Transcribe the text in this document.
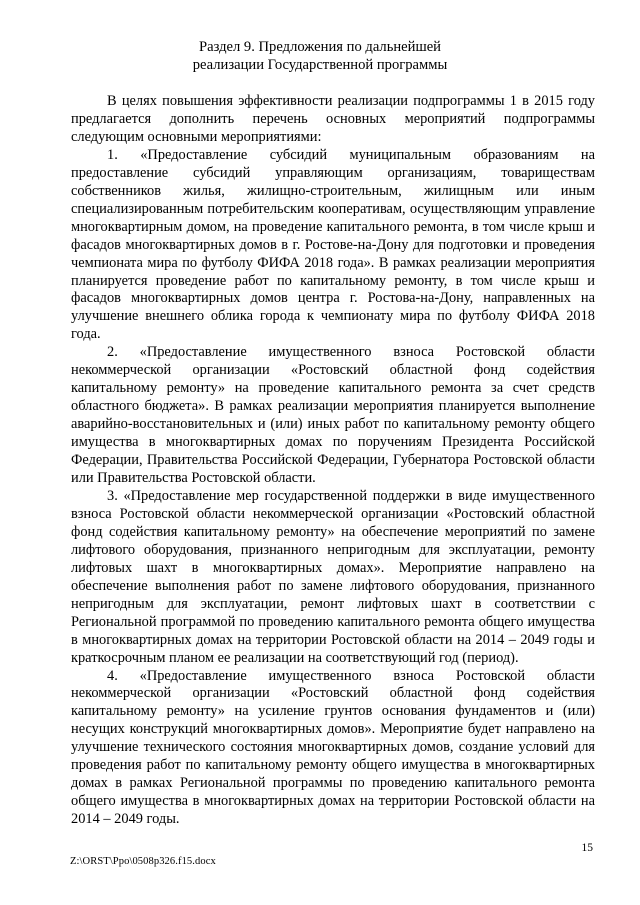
Раздел 9. Предложения по дальнейшей
реализации Государственной программы

В целях повышения эффективности реализации подпрограммы 1 в 2015 году предлагается дополнить перечень основных мероприятий подпрограммы следующим основными мероприятиями:

1. «Предоставление субсидий муниципальным образованиям на предоставление субсидий управляющим организациям, товариществам собственников жилья, жилищно-строительным, жилищным или иным специализированным потребительским кооперативам, осуществляющим управление многоквартирным домом, на проведение капитального ремонта, в том числе крыш и фасадов многоквартирных домов в г. Ростове-на-Дону для подготовки и проведения чемпионата мира по футболу ФИФА 2018 года». В рамках реализации мероприятия планируется проведение работ по капитальному ремонту, в том числе крыш и фасадов многоквартирных домов центра г. Ростова-на-Дону, направленных на улучшение внешнего облика города к чемпионату мира по футболу ФИФА 2018 года.

2. «Предоставление имущественного взноса Ростовской области некоммерческой организации «Ростовский областной фонд содействия капитальному ремонту» на проведение капитального ремонта за счет средств областного бюджета». В рамках реализации мероприятия планируется выполнение аварийно-восстановительных и (или) иных работ по капитальному ремонту общего имущества в многоквартирных домах по поручениям Президента Российской Федерации, Правительства Российской Федерации, Губернатора Ростовской области или Правительства Ростовской области.

3. «Предоставление мер государственной поддержки в виде имущественного взноса Ростовской области некоммерческой организации «Ростовский областной фонд содействия капитальному ремонту» на обеспечение мероприятий по замене лифтового оборудования, признанного непригодным для эксплуатации, ремонту лифтовых шахт в многоквартирных домах». Мероприятие направлено на обеспечение выполнения работ по замене лифтового оборудования, признанного непригодным для эксплуатации, ремонт лифтовых шахт в соответствии с Региональной программой по проведению капитального ремонта общего имущества в многоквартирных домах на территории Ростовской области на 2014 – 2049 годы и краткосрочным планом ее реализации на соответствующий год (период).

4. «Предоставление имущественного взноса Ростовской области некоммерческой организации «Ростовский областной фонд содействия капитальному ремонту» на усиление грунтов основания фундаментов и (или) несущих конструкций многоквартирных домов». Мероприятие будет направлено на улучшение технического состояния многоквартирных домов, создание условий для проведения работ по капитальному ремонту общего имущества в многоквартирных домах в рамках Региональной программы по проведению капитального ремонта общего имущества в многоквартирных домах на территории Ростовской области на 2014 – 2049 годы.

15
Z:\ORST\Ppo\0508p326.f15.docx
